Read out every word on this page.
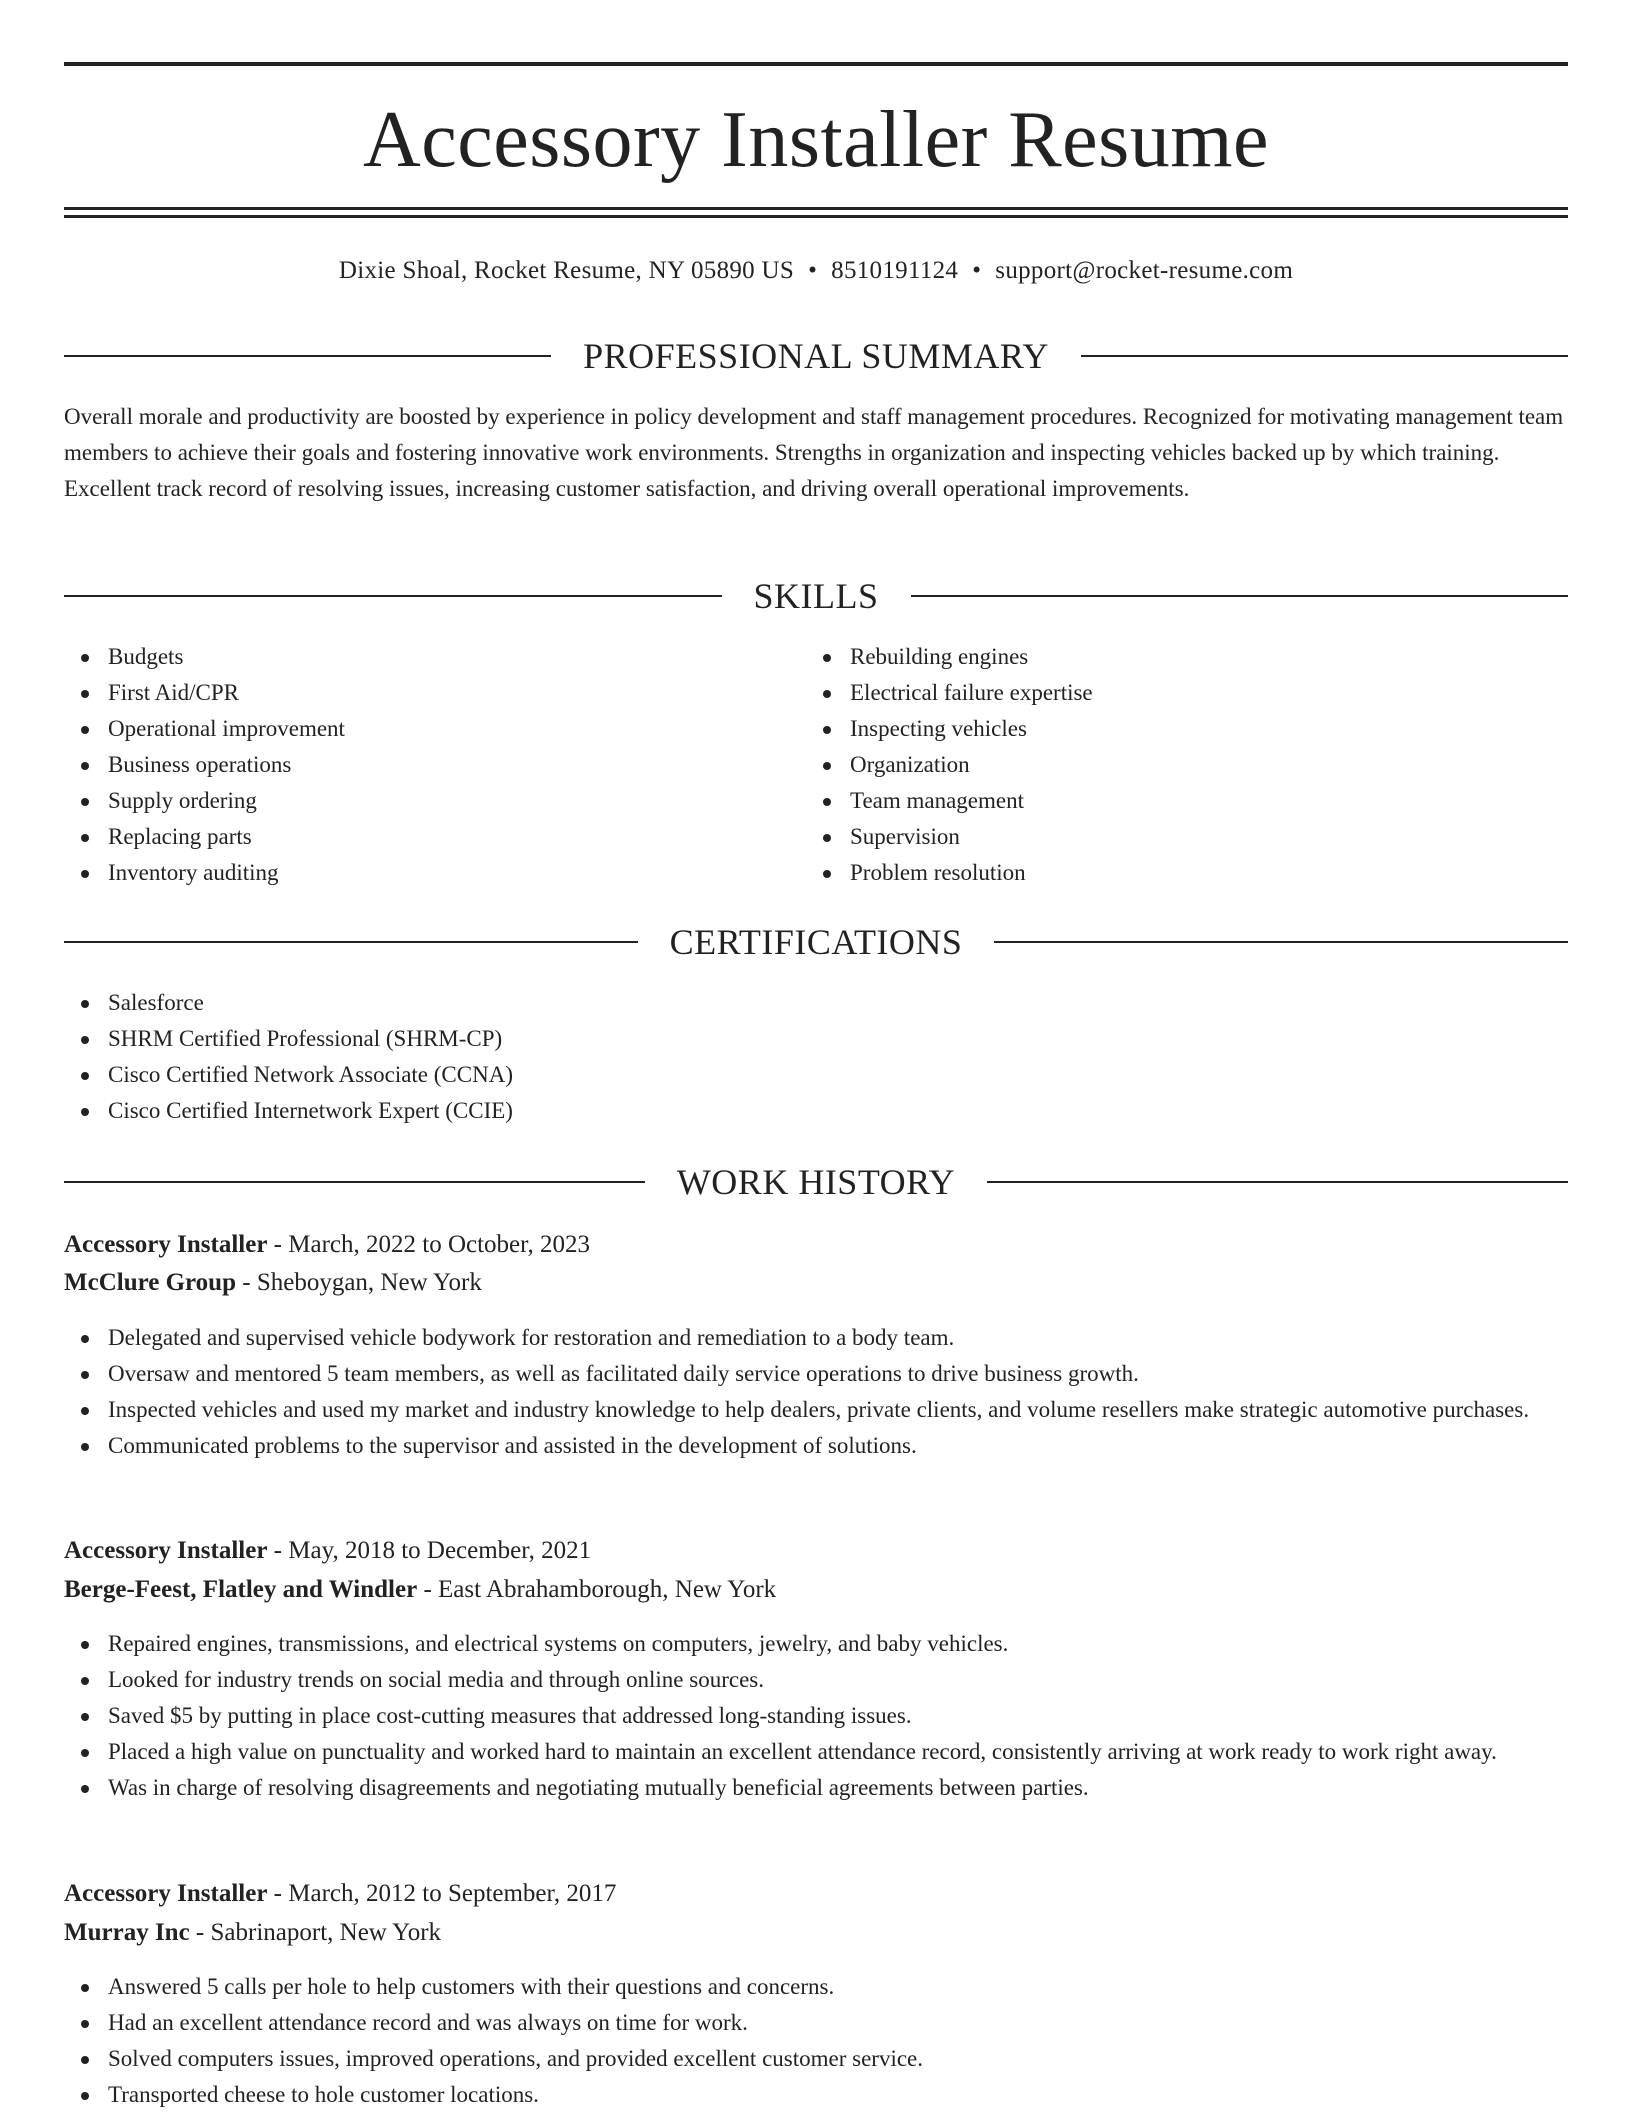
Accessory Installer Resume
Dixie Shoal, Rocket Resume, NY 05890 US • 8510191124 • support@rocket-resume.com
PROFESSIONAL SUMMARY

Overall morale and productivity are boosted by experience in policy development and staff management procedures. Recognized for motivating management team members to achieve their goals and fostering innovative work environments. Strengths in organization and inspecting vehicles backed up by which training. Excellent track record of resolving issues, increasing customer satisfaction, and driving overall operational improvements.

SKILLS
Budgets
First Aid/CPR
Operational improvement
Business operations
Supply ordering
Replacing parts
Inventory auditing
Rebuilding engines
Electrical failure expertise
Inspecting vehicles
Organization
Team management
Supervision
Problem resolution
CERTIFICATIONS
Salesforce
SHRM Certified Professional (SHRM-CP)
Cisco Certified Network Associate (CCNA)
Cisco Certified Internetwork Expert (CCIE)
WORK HISTORY
Accessory Installer - March, 2022 to October, 2023
McClure Group - Sheboygan, New York
Delegated and supervised vehicle bodywork for restoration and remediation to a body team.
Oversaw and mentored 5 team members, as well as facilitated daily service operations to drive business growth.
Inspected vehicles and used my market and industry knowledge to help dealers, private clients, and volume resellers make strategic automotive purchases.
Communicated problems to the supervisor and assisted in the development of solutions.
Accessory Installer - May, 2018 to December, 2021
Berge-Feest, Flatley and Windler - East Abrahamborough, New York
Repaired engines, transmissions, and electrical systems on computers, jewelry, and baby vehicles.
Looked for industry trends on social media and through online sources.
Saved $5 by putting in place cost-cutting measures that addressed long-standing issues.
Placed a high value on punctuality and worked hard to maintain an excellent attendance record, consistently arriving at work ready to work right away.
Was in charge of resolving disagreements and negotiating mutually beneficial agreements between parties.
Accessory Installer - March, 2012 to September, 2017
Murray Inc - Sabrinaport, New York
Answered 5 calls per hole to help customers with their questions and concerns.
Had an excellent attendance record and was always on time for work.
Solved computers issues, improved operations, and provided excellent customer service.
Transported cheese to hole customer locations.
